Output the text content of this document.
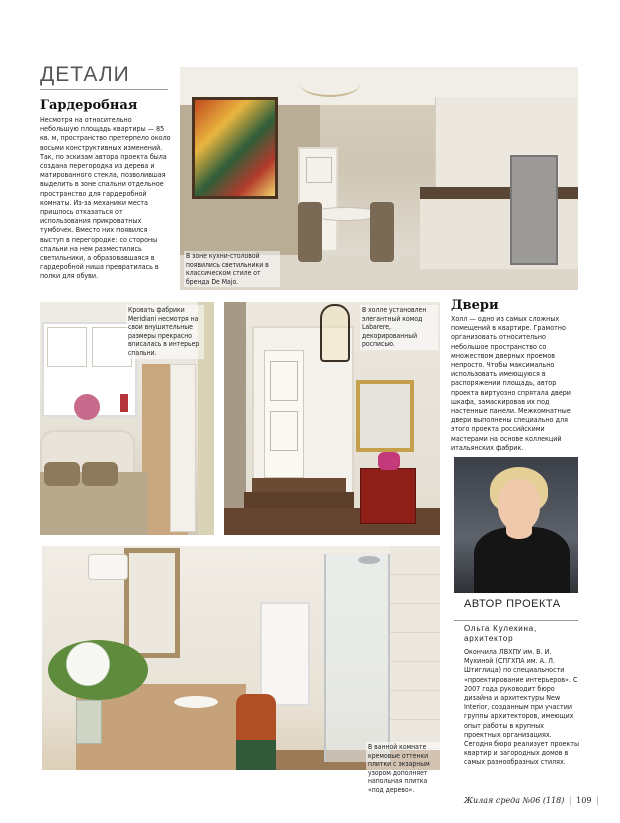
ДЕТАЛИ
Гардеробная
Несмотря на относительно небольшую площадь квартиры — 85 кв. м, пространство претерпело около восьми конструктивных изменений. Так, по эскизам автора проекта была создана перегородка из дерева и матированного стекла, позволившая выделить в зоне спальни отдельное пространство для гардеробной комнаты. Из-за механики места пришлось отказаться от использования прикроватных тумбочек. Вместо них появился выступ в перегородке: со стороны спальни на нем разместились светильники, а образовавшаяся в гардеробной ниша превратилась в полки для обуви.
В зоне кухни-столовой появились светильники в классическом стиле от бренда De Majo.
Кровать фабрики Meridiani несмотря на свои внушительные размеры прекрасно вписалась в интерьер спальни.
В холле установлен элегантный комод Labarere, декорированный росписью.
Двери
Холл — одно из самых сложных помещений в квартире. Грамотно организовать относительно небольшое пространство со множеством дверных проемов непросто. Чтобы максимально использовать имеющуюся в распоряжении площадь, автор проекта виртуозно спрятала двери шкафа, замаскировав их под настенные панели. Межкомнатные двери выполнены специально для этого проекта российскими мастерами на основе коллекций итальянских фабрик.
АВТОР ПРОЕКТА
Ольга Кулекина,
архитектор
Окончила ЛВХПУ им. В. И. Мухиной (СПГХПА им. А. Л. Штиглица) по специальности «проектирование интерьеров». С 2007 года руководит бюро дизайна и архитектуры New Interior, созданным при участии группы архитекторов, имеющих опыт работы в крупных проектных организациях. Сегодня бюро реализует проекты квартир и загородных домов в самых разнообразных стилях.
В ванной комнате кремовые оттенки плитки с экзарным узором дополняет напольная плитка «под дерево».
Жилая среда №06 (118) | 109 |
